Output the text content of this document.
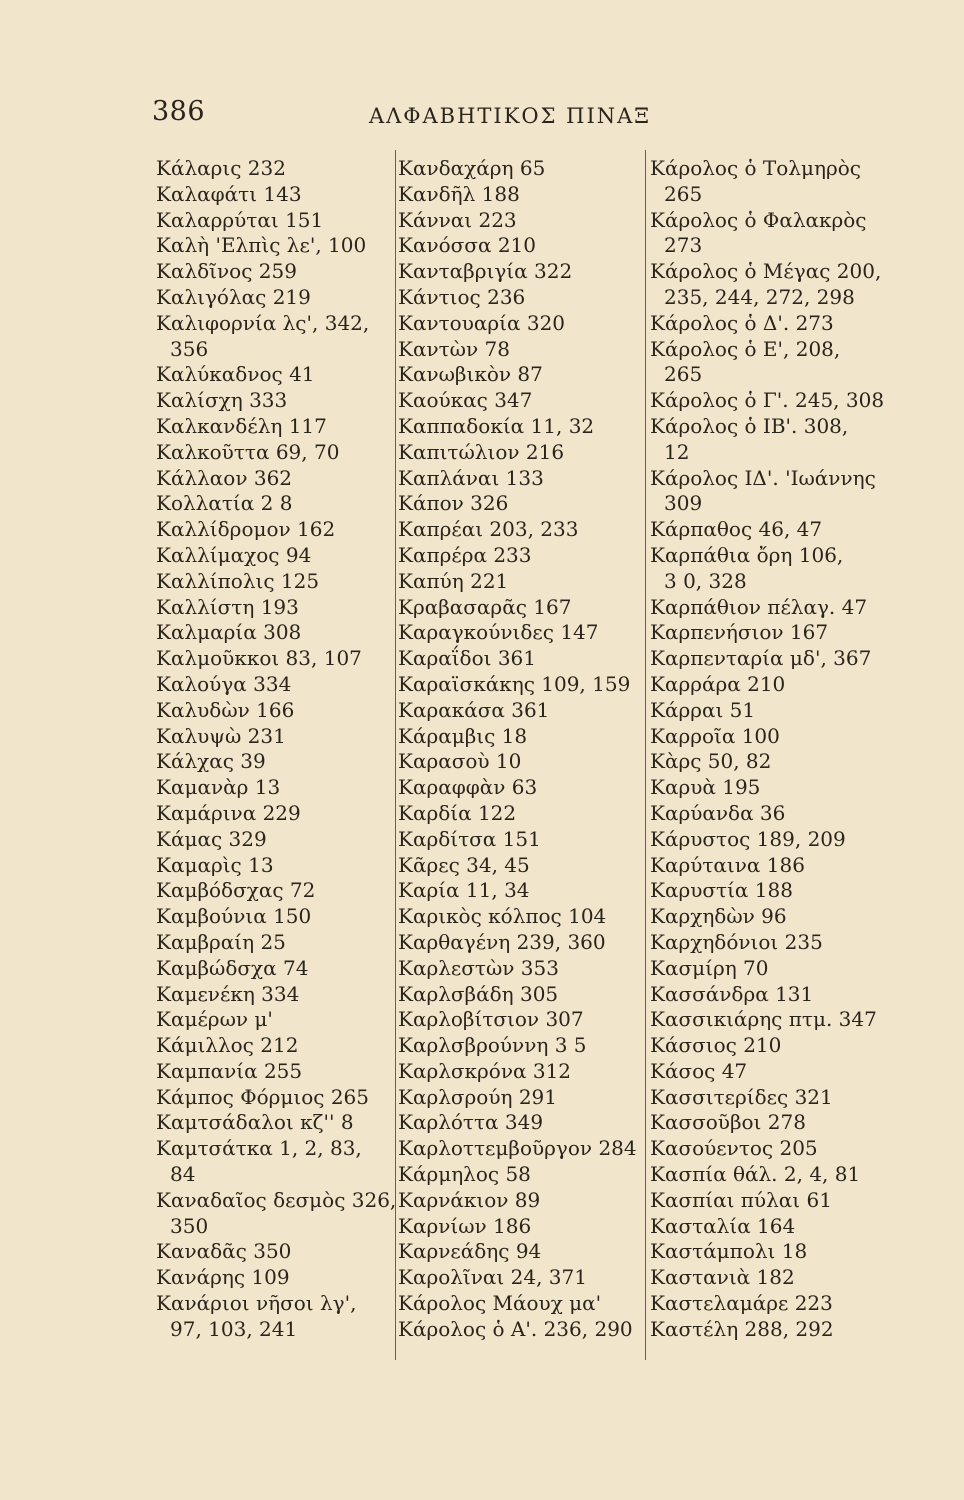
386	ΑΛΦΑΒΗΤΙΚΟΣ ΠΙΝΑΞ
Κάλαρις 232
Καλαφάτι 143
Καλαρρύται 151
Καλὴ 'Ελπὶς λε', 100
Καλδῖνος 259
Καλιγόλας 219
Καλιφορνία λς', 342,
356
Καλύκαδνος 41
Καλίσχη 333
Καλκανδέλη 117
Καλκοῦττα 69, 70
Κάλλαον 362
Κολλατία 2 8
Καλλίδρομον 162
Καλλίμαχος 94
Καλλίπολις 125
Καλλίστη 193
Καλμαρία 308
Καλμοῦκκοι 83, 107
Καλούγα 334
Καλυδὼν 166
Καλυψὼ 231
Κάλχας 39
Καμανὰρ 13
Καμάρινα 229
Κάμας 329
Καμαρὶς 13
Καμβόδσχας 72
Καμβούνια 150
Καμβραίη 25
Καμβώδσχα 74
Καμενέκη 334
Καμέρων μ'
Κάμιλλος 212
Καμπανία 255
Κάμπος Φόρμιος 265
Καμτσάδαλοι κζ'' 8
Καμτσάτκα 1, 2, 83,
84
Καναδαῖος δεσμὸς 326,
350
Καναδᾶς 350
Κανάρης 109
Κανάριοι νῆσοι λγ',
97, 103, 241
Κανδαχάρη 65
Κανδῆλ 188
Κάνναι 223
Κανόσσα 210
Κανταβριγία 322
Κάντιος 236
Καντουαρία 320
Καντὼν 78
Κανωβικὸν 87
Καούκας 347
Καππαδοκία 11, 32
Καπιτώλιον 216
Καπλάναι 133
Κάπον 326
Καπρέαι 203, 233
Καπρέρα 233
Καπύη 221
Κραβασαρᾶς 167
Καραγκούνιδες 147
Καραΐδοι 361
Καραϊσκάκης 109, 159
Καρακάσα 361
Κάραμβις 18
Καρασοὺ 10
Καραφφὰν 63
Καρδία 122
Καρδίτσα 151
Κᾶρες 34, 45
Καρία 11, 34
Καρικὸς κόλπος 104
Καρθαγένη 239, 360
Καρλεστὼν 353
Καρλσβάδη 305
Καρλοβίτσιον 307
Καρλσβρούννη 3 5
Καρλσκρόνα 312
Καρλσρούη 291
Καρλόττα 349
Καρλοττεμβοῦργον 284
Κάρμηλος 58
Καρνάκιον 89
Καρνίων 186
Καρνεάδης 94
Καρολῖναι 24, 371
Κάρολος Μάουχ μα'
Κάρολος ὁ Α'. 236, 290
Κάρολος ὁ Τολμηρὸς
265
Κάρολος ὁ Φαλακρὸς
273
Κάρολος ὁ Μέγας 200,
235, 244, 272, 298
Κάρολος ὁ Δ'. 273
Κάρολος ὁ Ε', 208,
265
Κάρολος ὁ Γ'. 245, 308
Κάρολος ὁ ΙΒ'. 308,
12
Κάρολος ΙΔ'. 'Ιωάννης
309
Κάρπαθος 46, 47
Καρπάθια ὄρη 106,
3 0, 328
Καρπάθιον πέλαγ. 47
Καρπενήσιον 167
Καρπενταρία μδ', 367
Καρράρα 210
Κάρραι 51
Καρροῖα 100
Κὰρς 50, 82
Καρυὰ 195
Καρύανδα 36
Κάρυστος 189, 209
Καρύταινα 186
Καρυστία 188
Καρχηδὼν 96
Καρχηδόνιοι 235
Κασμίρη 70
Κασσάνδρα 131
Κασσικιάρης πτμ. 347
Κάσσιος 210
Κάσος 47
Κασσιτερίδες 321
Κασσοῦβοι 278
Κασούεντος 205
Κασπία θάλ. 2, 4, 81
Κασπίαι πύλαι 61
Κασταλία 164
Καστάμπολι 18
Καστανιὰ 182
Καστελαμάρε 223
Καστέλη 288, 292
